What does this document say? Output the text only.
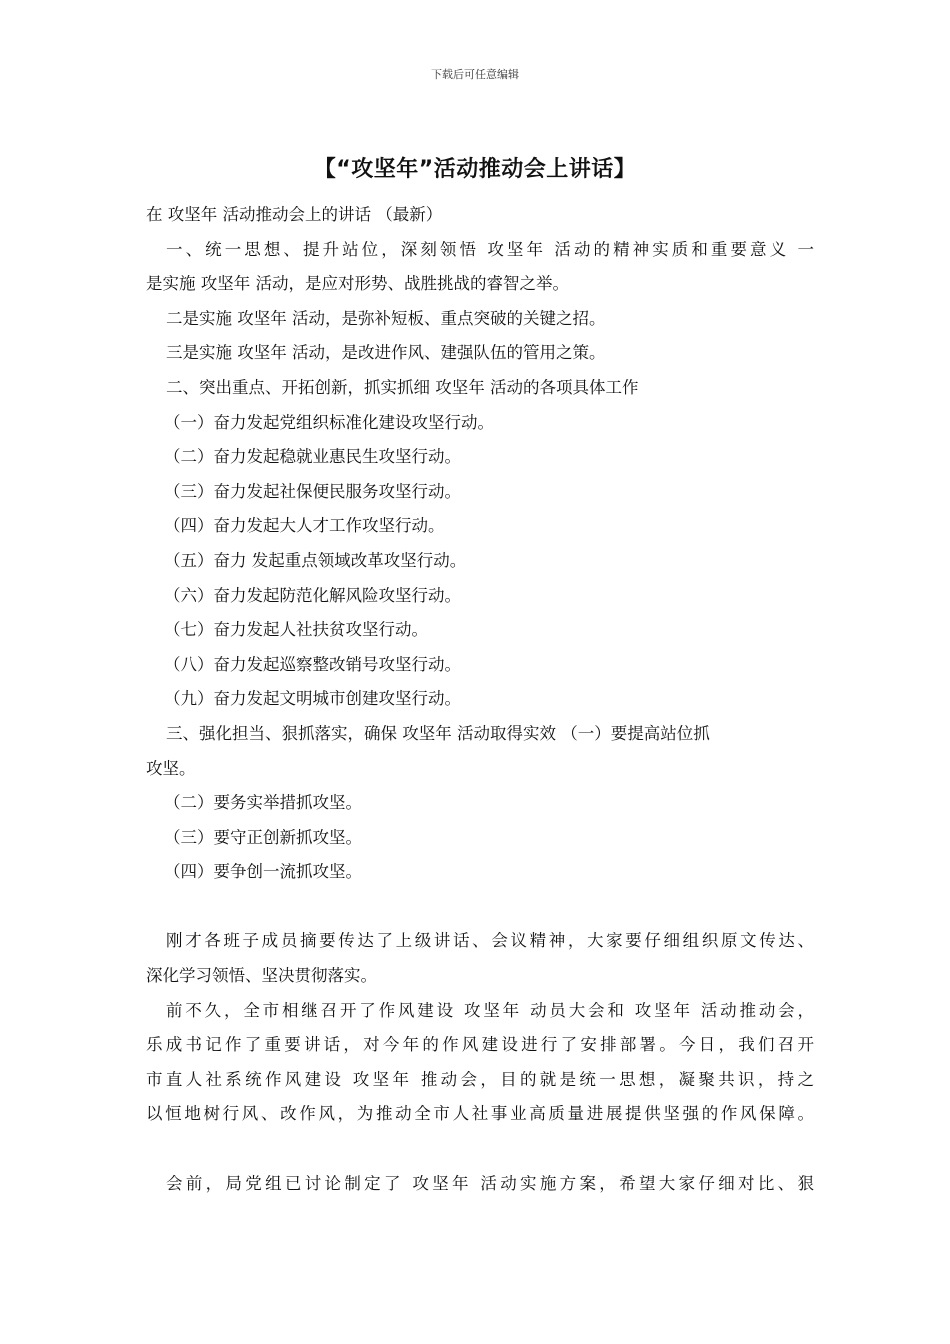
下载后可任意编辑
【“攻坚年”活动推动会上讲话】
在 攻坚年 活动推动会上的讲话 （最新）
一、统一思想、提升站位，深刻领悟 攻坚年 活动的精神实质和重要意义 一
是实施 攻坚年 活动，是应对形势、战胜挑战的睿智之举。
二是实施 攻坚年 活动，是弥补短板、重点突破的关键之招。
三是实施 攻坚年 活动，是改进作风、建强队伍的管用之策。
二、突出重点、开拓创新，抓实抓细 攻坚年 活动的各项具体工作
（一）奋力发起党组织标准化建设攻坚行动。
（二）奋力发起稳就业惠民生攻坚行动。
（三）奋力发起社保便民服务攻坚行动。
（四）奋力发起大人才工作攻坚行动。
（五）奋力 发起重点领域改革攻坚行动。
（六）奋力发起防范化解风险攻坚行动。
（七）奋力发起人社扶贫攻坚行动。
（八）奋力发起巡察整改销号攻坚行动。
（九）奋力发起文明城市创建攻坚行动。
三、强化担当、狠抓落实，确保 攻坚年 活动取得实效 （一）要提高站位抓
攻坚。
（二）要务实举措抓攻坚。
（三）要守正创新抓攻坚。
（四）要争创一流抓攻坚。
刚才各班子成员摘要传达了上级讲话、会议精神，大家要仔细组织原文传达、
深化学习领悟、坚决贯彻落实。
前不久，全市相继召开了作风建设 攻坚年 动员大会和 攻坚年 活动推动会，
乐成书记作了重要讲话，对今年的作风建设进行了安排部署。今日，我们召开
市直人社系统作风建设 攻坚年 推动会，目的就是统一思想，凝聚共识，持之
以恒地树行风、改作风，为推动全市人社事业高质量进展提供坚强的作风保障。
会前，局党组已讨论制定了 攻坚年 活动实施方案，希望大家仔细对比、狠
